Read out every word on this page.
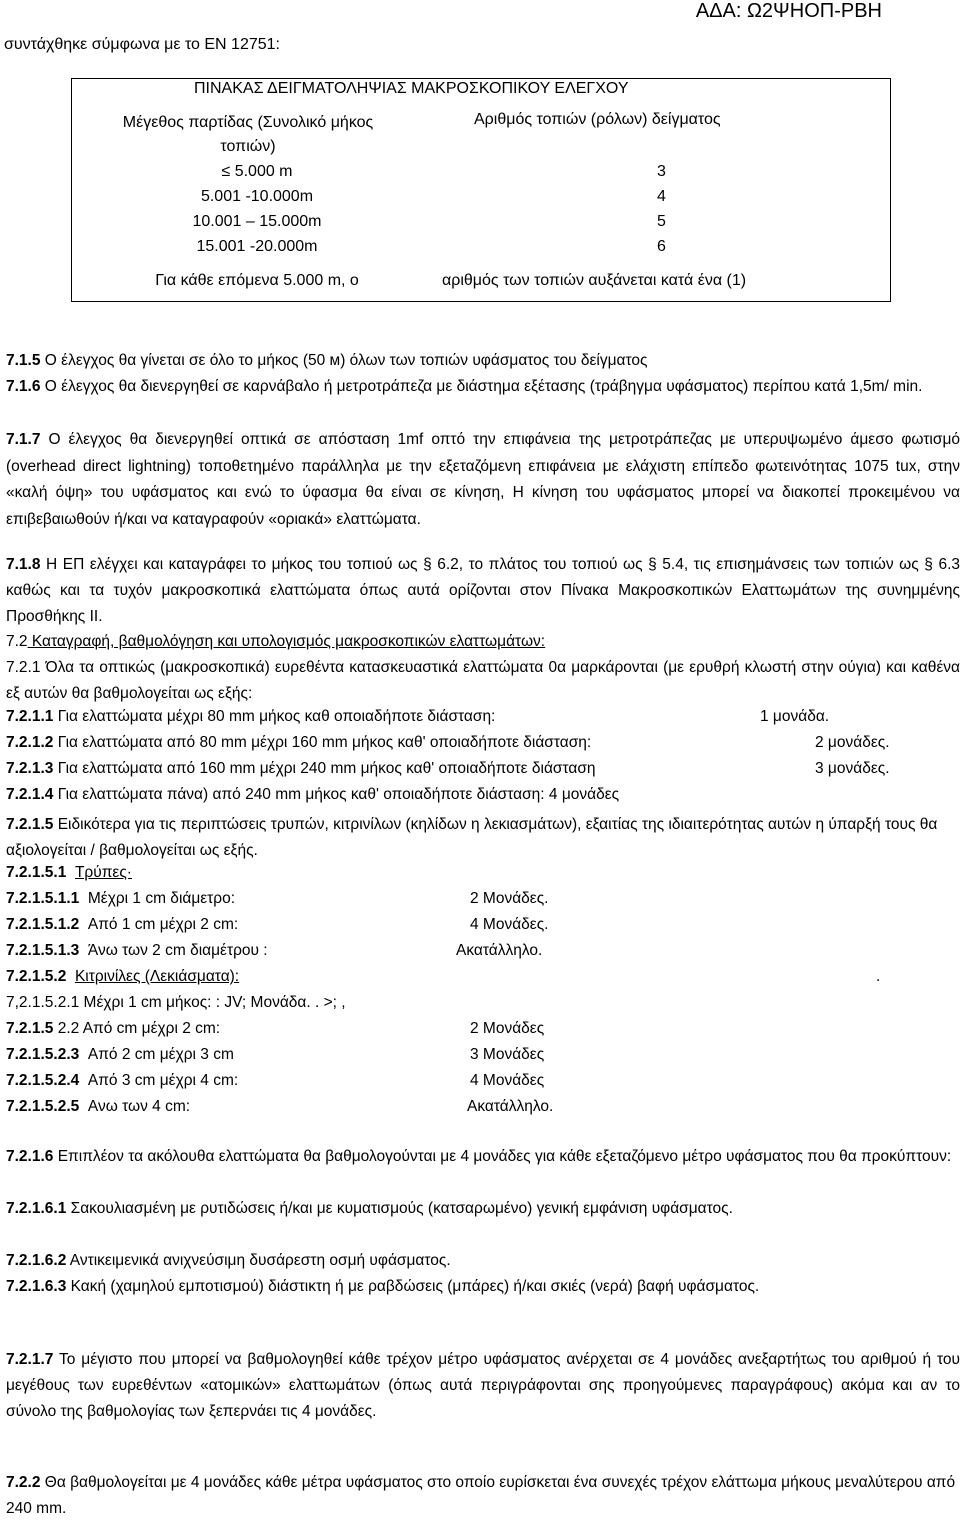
ΑΔΑ: Ω2ΨΗΟΠ-ΡΒΗ
συντάχθηκε σύμφωνα με το ΕΝ 12751:
ΠΙΝΑΚΑΣ ΔΕΙΓΜΑΤΟΛΗΨΙΑΣ ΜΑΚΡΟΣΚΟΠΙΚΟΥ ΕΛΕΓΧΟΥ
Μέγεθος παρτίδας (Συνολικό μήκος τοπιών)
Αριθμός τοπιών (ρόλων) δείγματος
≤ 5.000 m	3
5.001 -10.000m	4
10.001 – 15.000m	5
15.001 -20.000m	6
Για κάθε επόμενα 5.000 m, ο	αριθμός των τοπιών αυξάνεται κατά ένα (1)

7.1.5 Ο έλεγχος θα γίνεται σε όλο το μήκος (50 м) όλων των τοπιών υφάσματος του δείγματος

7.1.6 Ο έλεγχος θα διενεργηθεί σε καρνάβαλο ή μετροτράπεζα με διάστημα εξέτασης (τράβηγμα υφάσματος) περίπου κατά 1,5m/ min.

7.1.7 Ο έλεγχος θα διενεργηθεί οπτικά σε απόσταση 1mf οπτό την επιφάνεια της μετροτράπεζας με υπερυψωμένο άμεσο φωτισμό (overhead direct lightning) τοποθετημένο παράλληλα με την εξεταζόμενη επιφάνεια με ελάχιστη επίπεδο φωτεινότητας 1075 tux, στην «καλή όψη» του υφάσματος και ενώ το ύφασμα θα είναι σε κίνηση, Η κίνηση του υφάσματος μπορεί να διακοπεί προκειμένου να επιβεβαιωθούν ή/και να καταγραφούν «οριακά» ελαττώματα.

7.1.8 Η ΕΠ ελέγχει και καταγράφει το μήκος του τοπιού ως § 6.2, το πλάτος του τοπιού ως § 5.4, τις επισημάνσεις των τοπιών ως § 6.3 καθώς και τα τυχόν μακροσκοπικά ελαττώματα όπως αυτά ορίζονται στον Πίνακα Μακροσκοπικών Ελαττωμάτων της συνημμένης Προσθήκης II.

7.2 Καταγραφή, βαθμολόγηση και υπολογισμός μακροσκοπικών ελαττωμάτων:

7.2.1 Όλα τα οπτικώς (μακροσκοπικά) ευρεθέντα κατασκευαστικά ελαττώματα 0α μαρκάρονται (με ερυθρή κλωστή στην ούγια) και καθένα εξ αυτών θα βαθμολογείται ως εξής:

7.2.1.1 Για ελαττώματα μέχρι 80 mm μήκος καθ οποιαδήποτε διάσταση:	1 μονάδα.
7.2.1.2 Για ελαττώματα από 80 mm μέχρι 160 mm μήκος καθ' οποιαδήποτε διάσταση:	2 μονάδες.
7.2.1.3 Για ελαττώματα από 160 mm μέχρι 240 mm μήκος καθ' οποιαδήποτε διάσταση	3 μονάδες.
7.2.1.4 Για ελαττώματα πάνα) από 240 mm μήκος καθ' οποιαδήποτε διάσταση: 4 μονάδες

7.2.1.5 Ειδικότερα για τις περιπτώσεις τρυπών, κιτρινίλων (κηλίδων η λεκιασμάτων), εξαιτίας της ιδιαιτερότητας αυτών η ύπαρξή τους θα αξιολογείται / βαθμολογείται ως εξής.

7.2.1.5.1 Τρύπες·
7.2.1.5.1.1 Μέχρι 1 cm διάμετρο:	2 Μονάδες.
7.2.1.5.1.2 Από 1 cm μέχρι 2 cm:	4 Μονάδες.
7.2.1.5.1.3 Άνω των 2 cm διαμέτρου :	Ακατάλληλο.
7.2.1.5.2 Κιτρινίλες (Λεκιάσματα):	.
7,2.1.5.2.1 Μέχρι 1 cm μήκος: : JV; Μονάδα. . >; ,
7.2.1.5 2.2 Από cm μέχρι 2 cm:	2 Μονάδες
7.2.1.5.2.3 Από 2 cm μέχρι 3 cm	3 Μονάδες
7.2.1.5.2.4 Από 3 cm μέχρι 4 cm:	4 Μονάδες
7.2.1.5.2.5 Ανω των 4 cm:	Ακατάλληλο.

7.2.1.6 Επιπλέον τα ακόλουθα ελαττώματα θα βαθμολογούνται με 4 μονάδες για κάθε εξεταζόμενο μέτρο υφάσματος που θα προκύπτουν:

7.2.1.6.1 Σακουλιασμένη με ρυτιδώσεις ή/και με κυματισμούς (κατσαρωμένο) γενική εμφάνιση υφάσματος.

7.2.1.6.2 Αντικειμενικά ανιχνεύσιμη δυσάρεστη οσμή υφάσματος.

7.2.1.6.3 Κακή (χαμηλού εμποτισμού) διάστικτη ή με ραβδώσεις (μπάρες) ή/και σκιές (νερά) βαφή υφάσματος.

7.2.1.7 Το μέγιστο που μπορεί να βαθμολογηθεί κάθε τρέχον μέτρο υφάσματος ανέρχεται σε 4 μονάδες ανεξαρτήτως του αριθμού ή του μεγέθους των ευρεθέντων «ατομικών» ελαττωμάτων (όπως αυτά περιγράφονται σης προηγούμενες παραγράφους) ακόμα και αν το σύνολο της βαθμολογίας των ξεπερνάει τις 4 μονάδες.

7.2.2 Θα βαθμολογείται με 4 μονάδες κάθε μέτρα υφάσματος στο οποίο ευρίσκεται ένα συνεχές τρέχον ελάττωμα μήκους μεναλύτερου από 240 mm.
